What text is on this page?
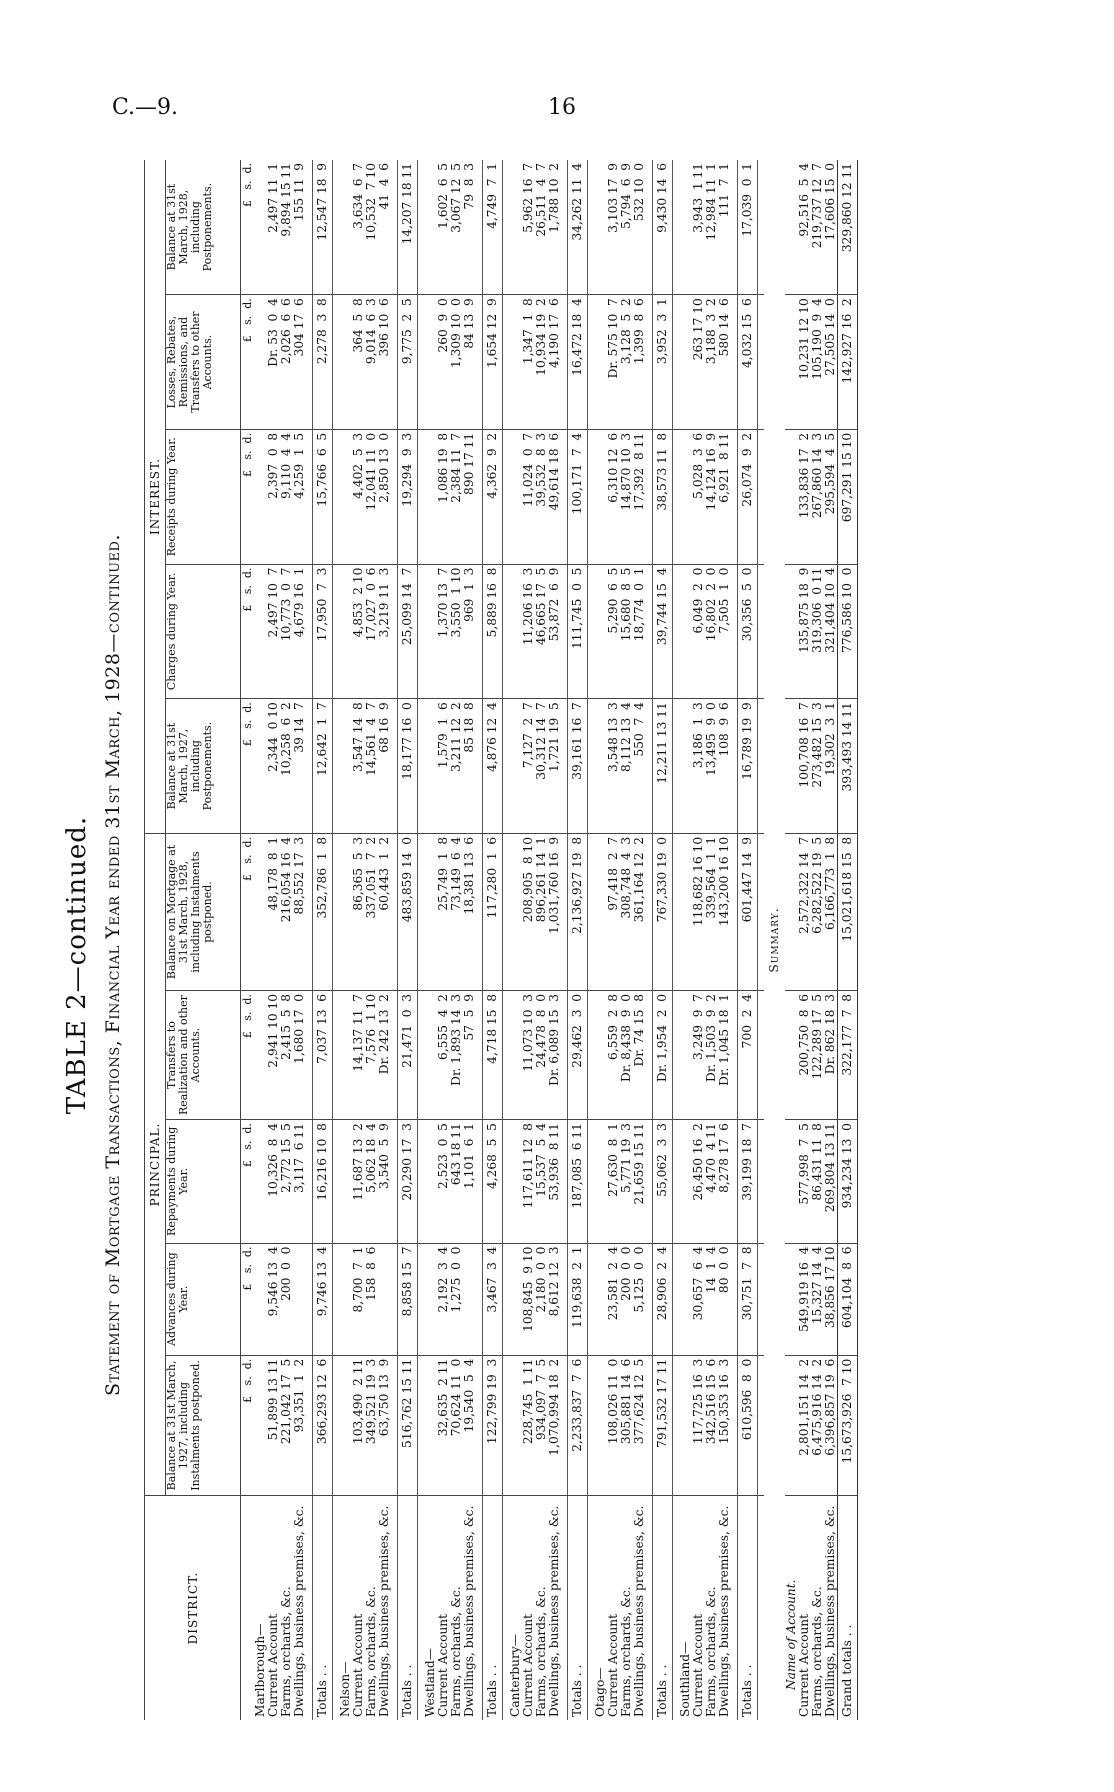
C.—9.	16
TABLE 2—continued. Statement of Mortgage Transactions, Financial Year ended 31st March, 1928—continued.
DISTRICT.	PRINCIPAL.					INTEREST.				
	Balance at 31st March, 1927, including Instalments postponed.	Advances during Year.	Repayments during Year.	Transfers to Realization and other Accounts.	Balance on Mortgage at 31st March, 1928, including Instalments postponed.	Balance at 31st March, 1927, including Postponements.	Charges during Year.	Receipts during Year.	Losses, Rebates, Remissions, and Transfers to other Accounts.	Balance at 31st March, 1928, including Postponements.
	£   s.  d.	£   s.  d.	£   s.  d.	£   s.  d.	£   s.  d.	£   s.  d.	£   s.  d.	£   s.  d.	£   s.  d.	£   s.  d.
Marlborough—										
Current Account	51,899 13 11	9,546 13  4	10,326  8  4	2,941 10 10	48,178  8  1	2,344  0 10	2,497 10  7	2,397  0  8	Dr. 53  0  4	2,497 11  1
Farms, orchards, &c.	221,042 17  5	200  0  0	2,772 15  5	2,415  5  8	216,054 16  4	10,258  6  2	10,773  0  7	9,110  4  4	2,026  6  6	9,894 15 11
Dwellings, business premises, &c.	93,351  1  2		3,117  6 11	1,680 17  0	88,552 17  3	39 14  7	4,679 16  1	4,259  1  5	304 17  6	155 11  9

Totals . .	366,293 12  6	9,746 13  4	16,216 10  8	7,037 13  6	352,786  1  8	12,642  1  7	17,950  7  3	15,766  6  5	2,278  3  8	12,547 18  9

Nelson—										
Current Account	103,490  2 11	8,700  7  1	11,687 13  2	14,137 11  7	86,365  5  3	3,547 14  8	4,853  2 10	4,402  5  3	364  5  8	3,634  6  7
Farms, orchards, &c.	349,521 19  3	158  8  6	5,062 18  4	7,576  1 10	337,051  7  2	14,561  4  7	17,027  0  6	12,041 11  0	9,014  6  3	10,532  7 10
Dwellings, business premises, &c.	63,750 13  9		3,540  5  9	Dr. 242 13  2	60,443  1  2	68 16  9	3,219 11  3	2,850 13  0	396 10  6	41  4  6

Totals . .	516,762 15 11	8,858 15  7	20,290 17  3	21,471  0  3	483,859 14  0	18,177 16  0	25,099 14  7	19,294  9  3	9,775  2  5	14,207 18 11

Westland—										
Current Account	32,635  2 11	2,192  3  4	2,523  0  5	6,555  4  2	25,749  1  8	1,579  1  6	1,370 13  7	1,086 19  8	260  9  0	1,602  6  5
Farms, orchards, &c.	70,624 11  0	1,275  0  0	643 18 11	Dr. 1,893 14  3	73,149  6  4	3,211 12  2	3,550  1 10	2,384 11  7	1,309 10  0	3,067 12  5
Dwellings, business premises, &c.	19,540  5  4		1,101  6  1	57  5  9	18,381 13  6	85 18  8	969  1  3	890 17 11	84 13  9	79  8  3

Totals . .	122,799 19  3	3,467  3  4	4,268  5  5	4,718 15  8	117,280  1  6	4,876 12  4	5,889 16  8	4,362  9  2	1,654 12  9	4,749  7  1

Canterbury—										
Current Account	228,745  1 11	108,845  9 10	117,611 12  8	11,073 10  3	208,905  8 10	7,127  2  7	11,206 16  3	11,024  0  7	1,347  1  8	5,962 16  7
Farms, orchards, &c.	934,097  7  5	2,180  0  0	15,537  5  4	24,478  8  0	896,261 14  1	30,312 14  7	46,665 17  5	39,532  8  3	10,934 19  2	26,511  4  7
Dwellings, business premises, &c.	1,070,994 18  2	8,612 12  3	53,936  8 11	Dr. 6,089 15  3	1,031,760 16  9	1,721 19  5	53,872  6  9	49,614 18  6	4,190 17  6	1,788 10  2

Totals . .	2,233,837  7  6	119,638  2  1	187,085  6 11	29,462  3  0	2,136,927 19  8	39,161 16  7	111,745  0  5	100,171  7  4	16,472 18  4	34,262 11  4

Otago—										
Current Account	108,026 11  0	23,581  2  4	27,630  8  1	6,559  2  8	97,418  2  7	3,548 13  3	5,290  6  5	6,310 12  6	Dr. 575 10  7	3,103 17  9
Farms, orchards, &c.	305,881 14  6	200  0  0	5,771 19  3	Dr. 8,438  9  0	308,748  4  3	8,112 13  4	15,680  8  5	14,870 10  3	3,128  5  2	5,794  6  9
Dwellings, business premises, &c.	377,624 12  5	5,125  0  0	21,659 15 11	Dr. 74 15  8	361,164 12  2	550  7  4	18,774  0  1	17,392  8 11	1,399  8  6	532 10  0

Totals . .	791,532 17 11	28,906  2  4	55,062  3  3	Dr. 1,954  2  0	767,330 19  0	12,211 13 11	39,744 15  4	38,573 11  8	3,952  3  1	9,430 14  6

Southland—										
Current Account	117,725 16  3	30,657  6  4	26,450 16  2	3,249  9  7	118,682 16 10	3,186  1  3	6,049  2  0	5,028  3  6	263 17 10	3,943  1 11
Farms, orchards, &c.	342,516 15  6	14  1  4	4,470  4 11	Dr. 1,503  9  2	339,564  1  1	13,495  9  0	16,802  2  0	14,124 16  9	3,188  3  2	12,984 11  1
Dwellings, business premises, &c.	150,353 16  3	80  0  0	8,278 17  6	Dr. 1,045 18  1	143,200 16 10	108  9  6	7,505  1  0	6,921  8 11	580 14  6	111  7  1

Totals . .	610,596  8  0	30,751  7  8	39,199 18  7	700  2  4	601,447 14  9	16,789 19  9	30,356  5  0	26,074  9  2	4,032 15  6	17,039  0  1

Summary.										
Name of Account.										
Current Account	2,801,151 14  2	549,919 16  4	577,998  7  5	200,750  8  6	2,572,322 14  7	100,708 16  7	135,875 18  9	133,836 17  2	10,231 12 10	92,516  5  4
Farms, orchards, &c.	6,475,916 14  2	15,327 14  4	86,431 11  8	122,289 17  5	6,282,522 19  5	273,482 15  3	319,306  0 11	267,860 14  3	105,190  9  4	219,737 12  7
Dwellings, business premises, &c.	6,396,857 19  6	38,856 17 10	269,804 13 11	Dr. 862 18  3	6,166,773  1  8	19,302  3  1	321,404 10  4	295,594  4  5	27,505 14  0	17,606 15  0
Grand totals . .	15,673,926  7 10	604,104  8  6	934,234 13  0	322,177  7  8	15,021,618 15  8	393,493 14 11	776,586 10  0	697,291 15 10	142,927 16  2	329,860 12 11
